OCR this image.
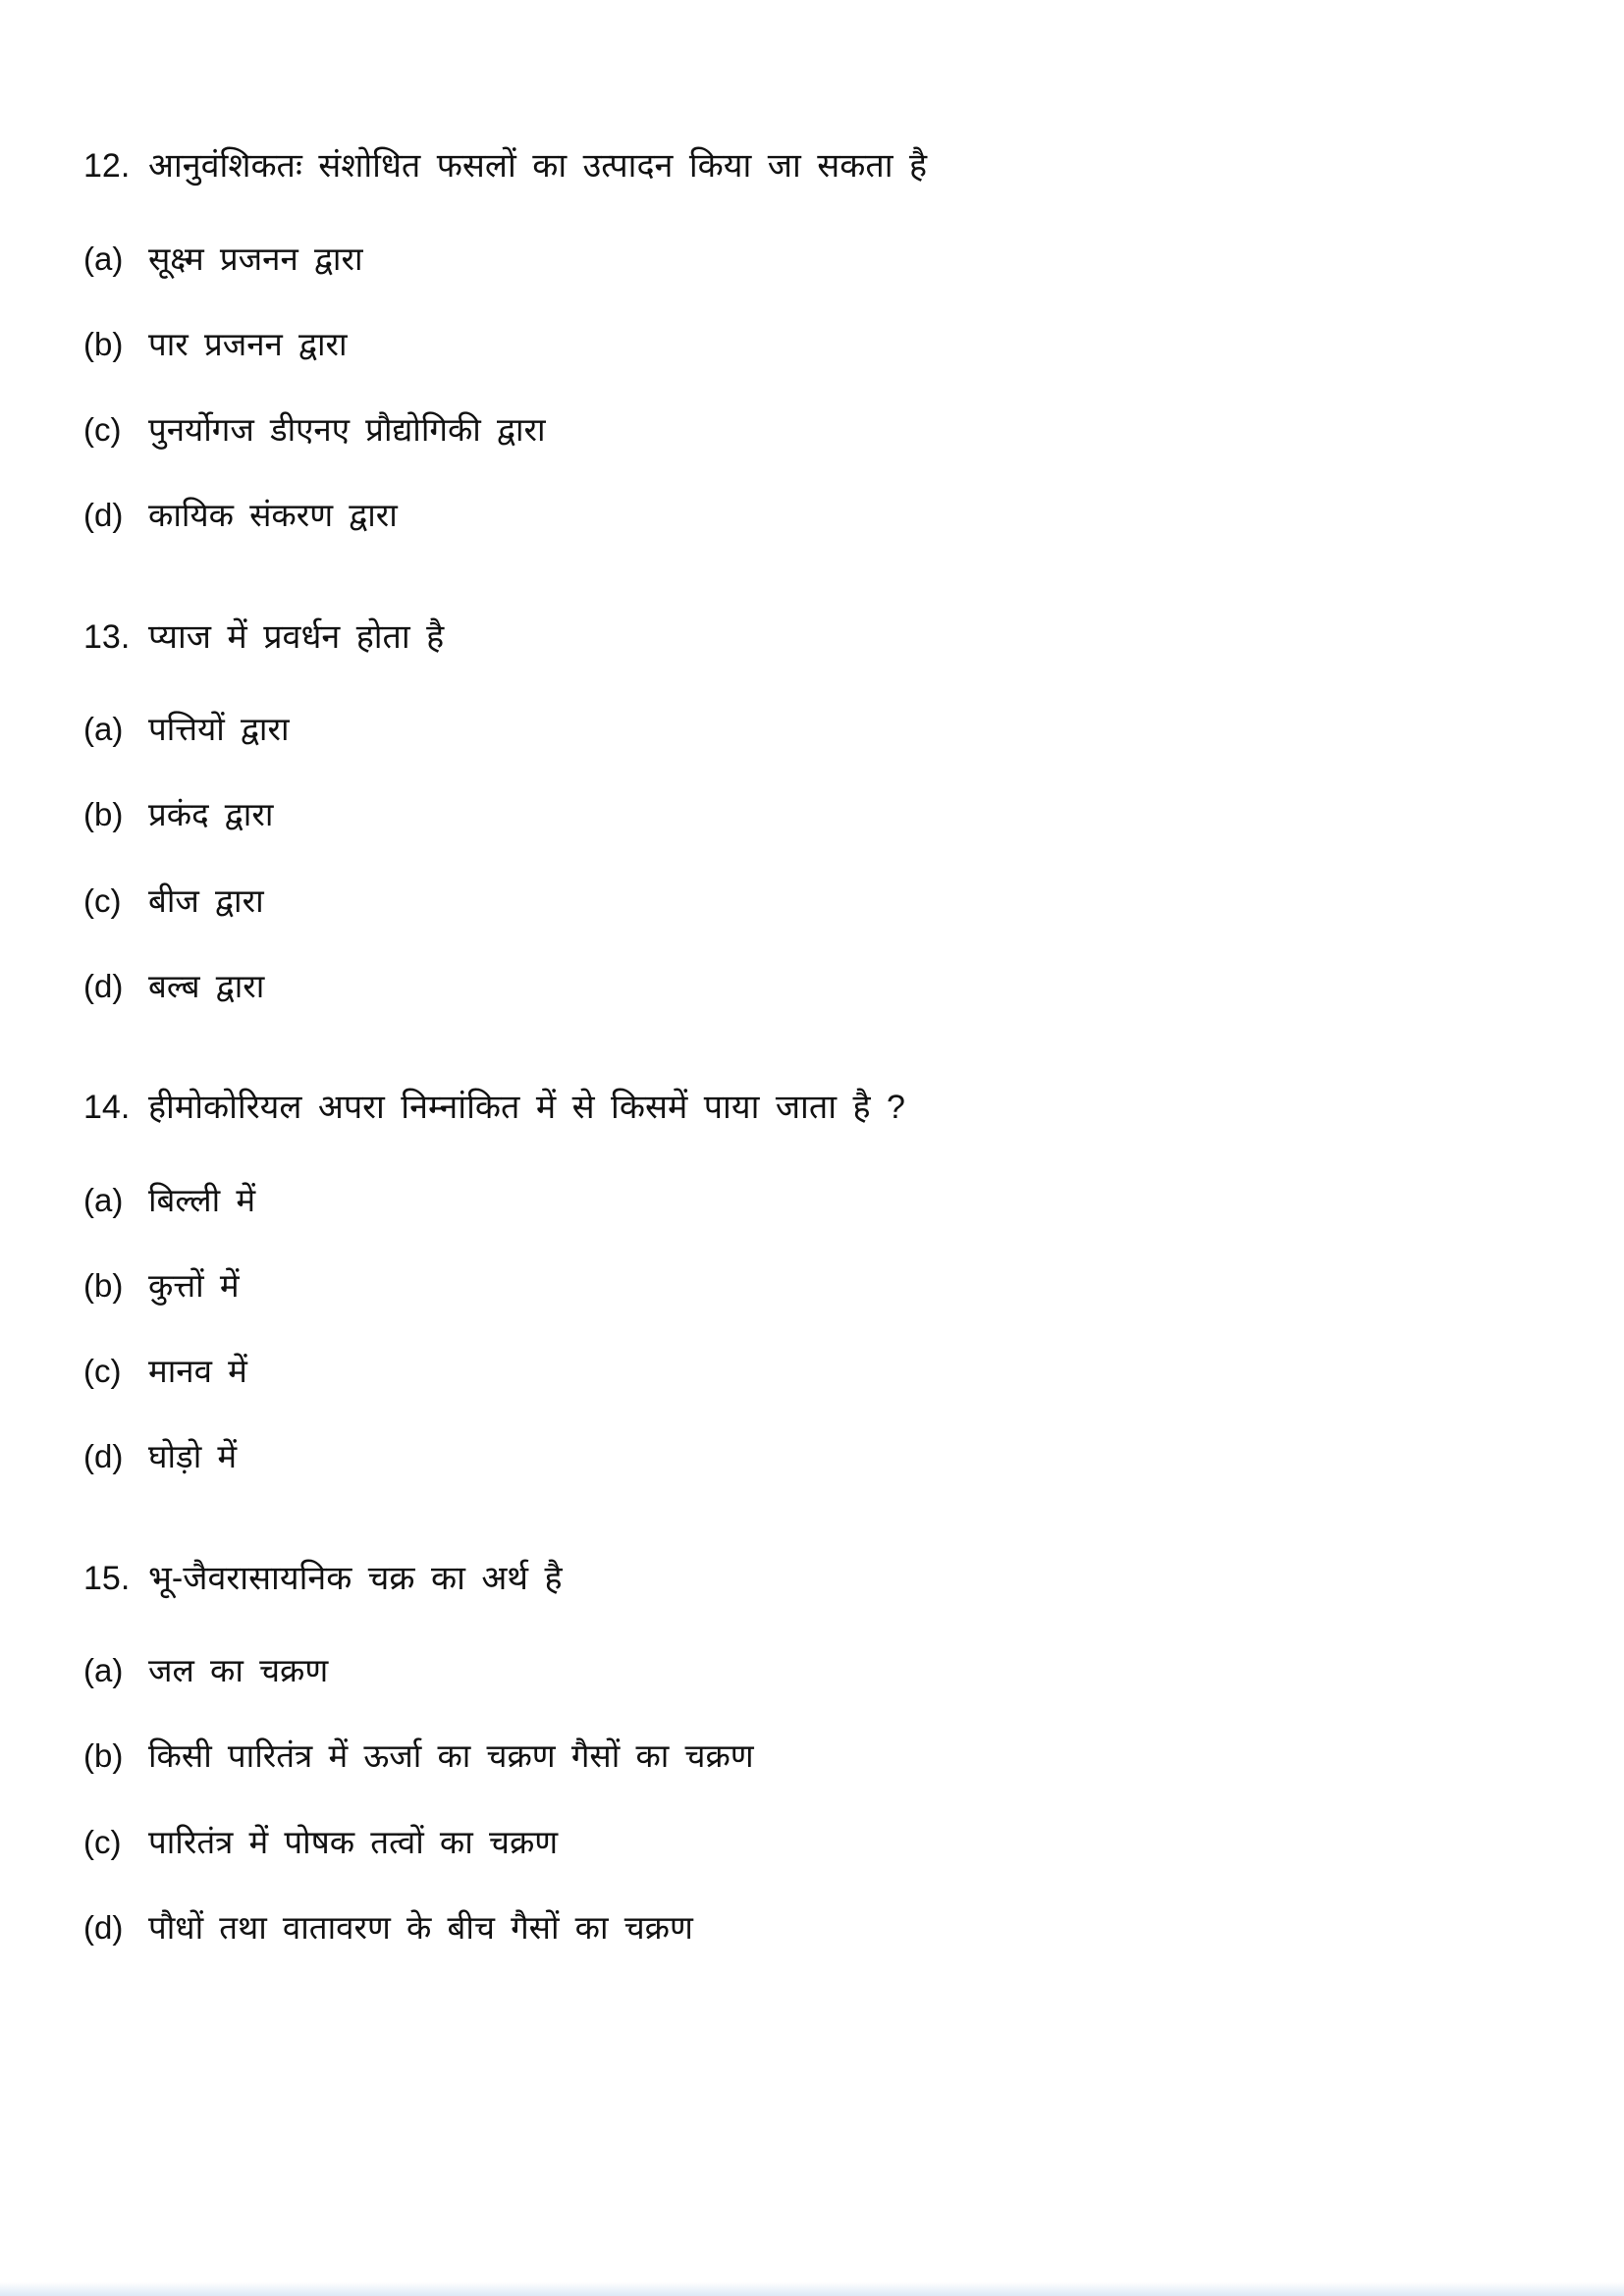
12. आनुवंशिकतः संशोधित फसलों का उत्पादन किया जा सकता है
(a) सूक्ष्म प्रजनन द्वारा
(b) पार प्रजनन द्वारा
(c) पुनर्योगज डीएनए प्रौद्योगिकी द्वारा
(d) कायिक संकरण द्वारा
13. प्याज में प्रवर्धन होता है
(a) पत्तियों द्वारा
(b) प्रकंद द्वारा
(c) बीज द्वारा
(d) बल्ब द्वारा
14. हीमोकोरियल अपरा निम्नांकित में से किसमें पाया जाता है ?
(a) बिल्ली में
(b) कुत्तों में
(c) मानव में
(d) घोड़ो में
15. भू-जैवरासायनिक चक्र का अर्थ है
(a) जल का चक्रण
(b) किसी पारितंत्र में ऊर्जा का चक्रण गैसों का चक्रण
(c) पारितंत्र में पोषक तत्वों का चक्रण
(d) पौधों तथा वातावरण के बीच गैसों का चक्रण
